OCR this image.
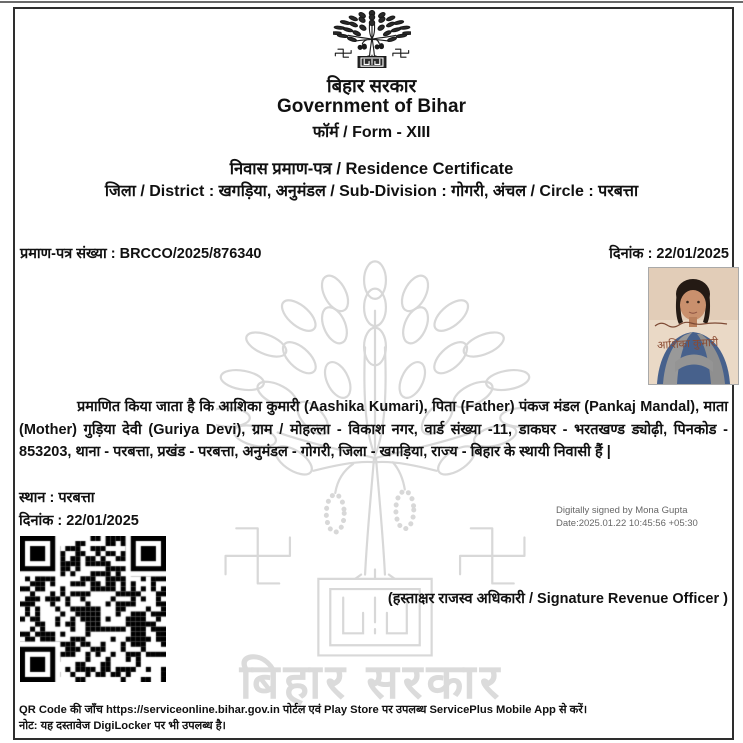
बिहार सरकार
बिहार सरकार
Government of Bihar
फॉर्म / Form - XIII
निवास प्रमाण-पत्र / Residence Certificate
जिला / District : खगड़िया, अनुमंडल / Sub-Division : गोगरी, अंचल / Circle : परबत्ता
प्रमाण-पत्र संख्या : BRCCO/2025/876340	दिनांक : 22/01/2025
आशिका कुमारी
प्रमाणित किया जाता है कि आशिका कुमारी (Aashika Kumari), पिता (Father) पंकज मंडल (Pankaj Mandal), माता (Mother) गुड़िया देवी (Guriya Devi), ग्राम / मोहल्ला - विकाश नगर, वार्ड संख्या -11, डाकघर - भरतखण्ड ड्योढ़ी, पिनकोड - 853203, थाना - परबत्ता, प्रखंड - परबत्ता, अनुमंडल - गोगरी, जिला - खगड़िया, राज्य - बिहार के स्थायी निवासी हैं |
स्थान : परबत्ता
दिनांक : 22/01/2025
Digitally signed by Mona Gupta
Date:2025.01.22 10:45:56 +05:30
(हस्ताक्षर राजस्व अधिकारी / Signature Revenue Officer )
QR Code की जाँच https://serviceonline.bihar.gov.in पोर्टल एवं Play Store पर उपलब्ध ServicePlus Mobile App से करें।
नोट: यह दस्तावेज DigiLocker पर भी उपलब्ध है।
